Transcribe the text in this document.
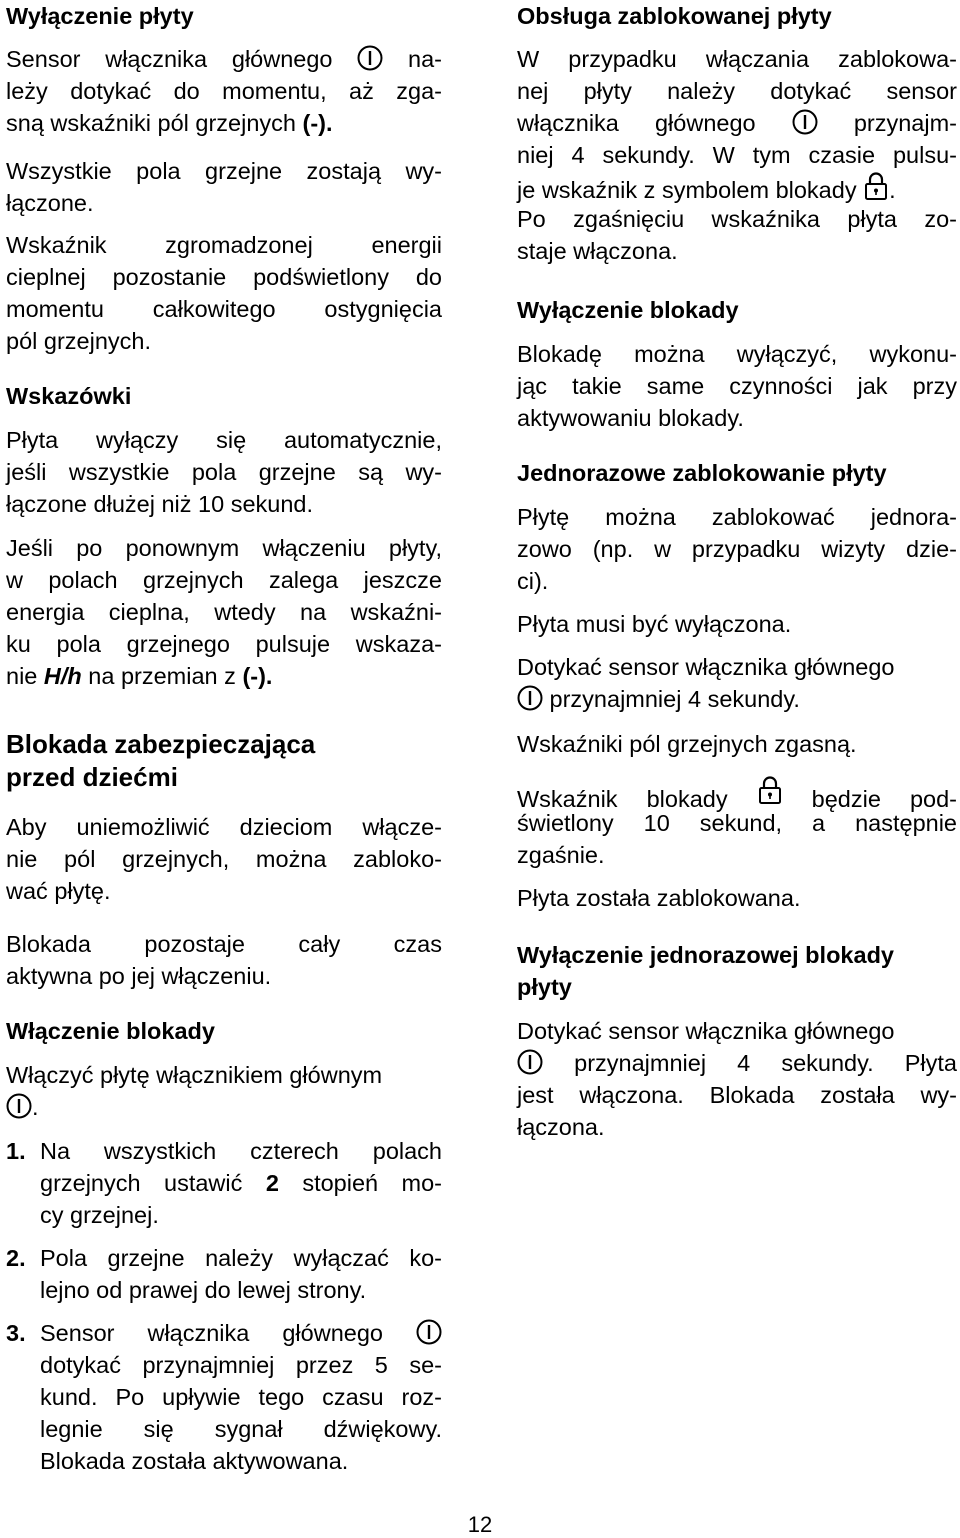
Wyłączenie płyty
Sensor włącznika głównego	na-
leży dotykać do momentu, aż zga-
sną wskaźniki pól grzejnych (-).
Wszystkie pola grzejne zostają wy-
łączone.
Wskaźnik zgromadzonej energii
cieplnej pozostanie podświetlony do
momentu całkowitego ostygnięcia
pól grzejnych.
Wskazówki
Płyta wyłączy się automatycznie,
jeśli wszystkie pola grzejne są wy-
łączone dłużej niż 10 sekund.
Jeśli po ponownym włączeniu płyty,
w polach grzejnych zalega jeszcze
energia cieplna, wtedy na wskaźni-
ku pola grzejnego pulsuje wskaza-
nie H/h na przemian z (-).
Blokada zabezpieczająca
przed dziećmi
Aby uniemożliwić dzieciom włącze-
nie pól grzejnych, można zabloko-
wać płytę.
Blokada pozostaje cały czas
aktywna po jej włączeniu.
Włączenie blokady
Włączyć płytę włącznikiem głównym
.
1. Na wszystkich czterech polach
grzejnych ustawić 2 stopień mo-
cy grzejnej.
2. Pola grzejne należy wyłączać ko-
lejno od prawej do lewej strony.
3. Sensor włącznika głównego
dotykać przynajmniej przez 5 se-
kund. Po upływie tego czasu roz-
legnie się sygnał dźwiękowy.
Blokada została aktywowana.
Obsługa zablokowanej płyty
W przypadku włączania zablokowa-
nej płyty należy dotykać sensor
włącznika głównego	przynajm-
niej 4 sekundy. W tym czasie pulsu-
je wskaźnik z symbolem blokady .
Po zgaśnięciu wskaźnika płyta zo-
staje włączona.
Wyłączenie blokady
Blokadę można wyłączyć, wykonu-
jąc takie same czynności jak przy
aktywowaniu blokady.
Jednorazowe zablokowanie płyty
Płytę można zablokować jednora-
zowo (np. w przypadku wizyty dzie-
ci).
Płyta musi być wyłączona.
Dotykać sensor włącznika głównego
przynajmniej 4 sekundy.
Wskaźniki pól grzejnych zgasną.
Wskaźnik blokady	będzie pod-
świetlony 10 sekund, a następnie
zgaśnie.
Płyta została zablokowana.
Wyłączenie jednorazowej blokady
płyty
Dotykać sensor włącznika głównego
przynajmniej 4 sekundy. Płyta
jest włączona. Blokada została wy-
łączona.
12
